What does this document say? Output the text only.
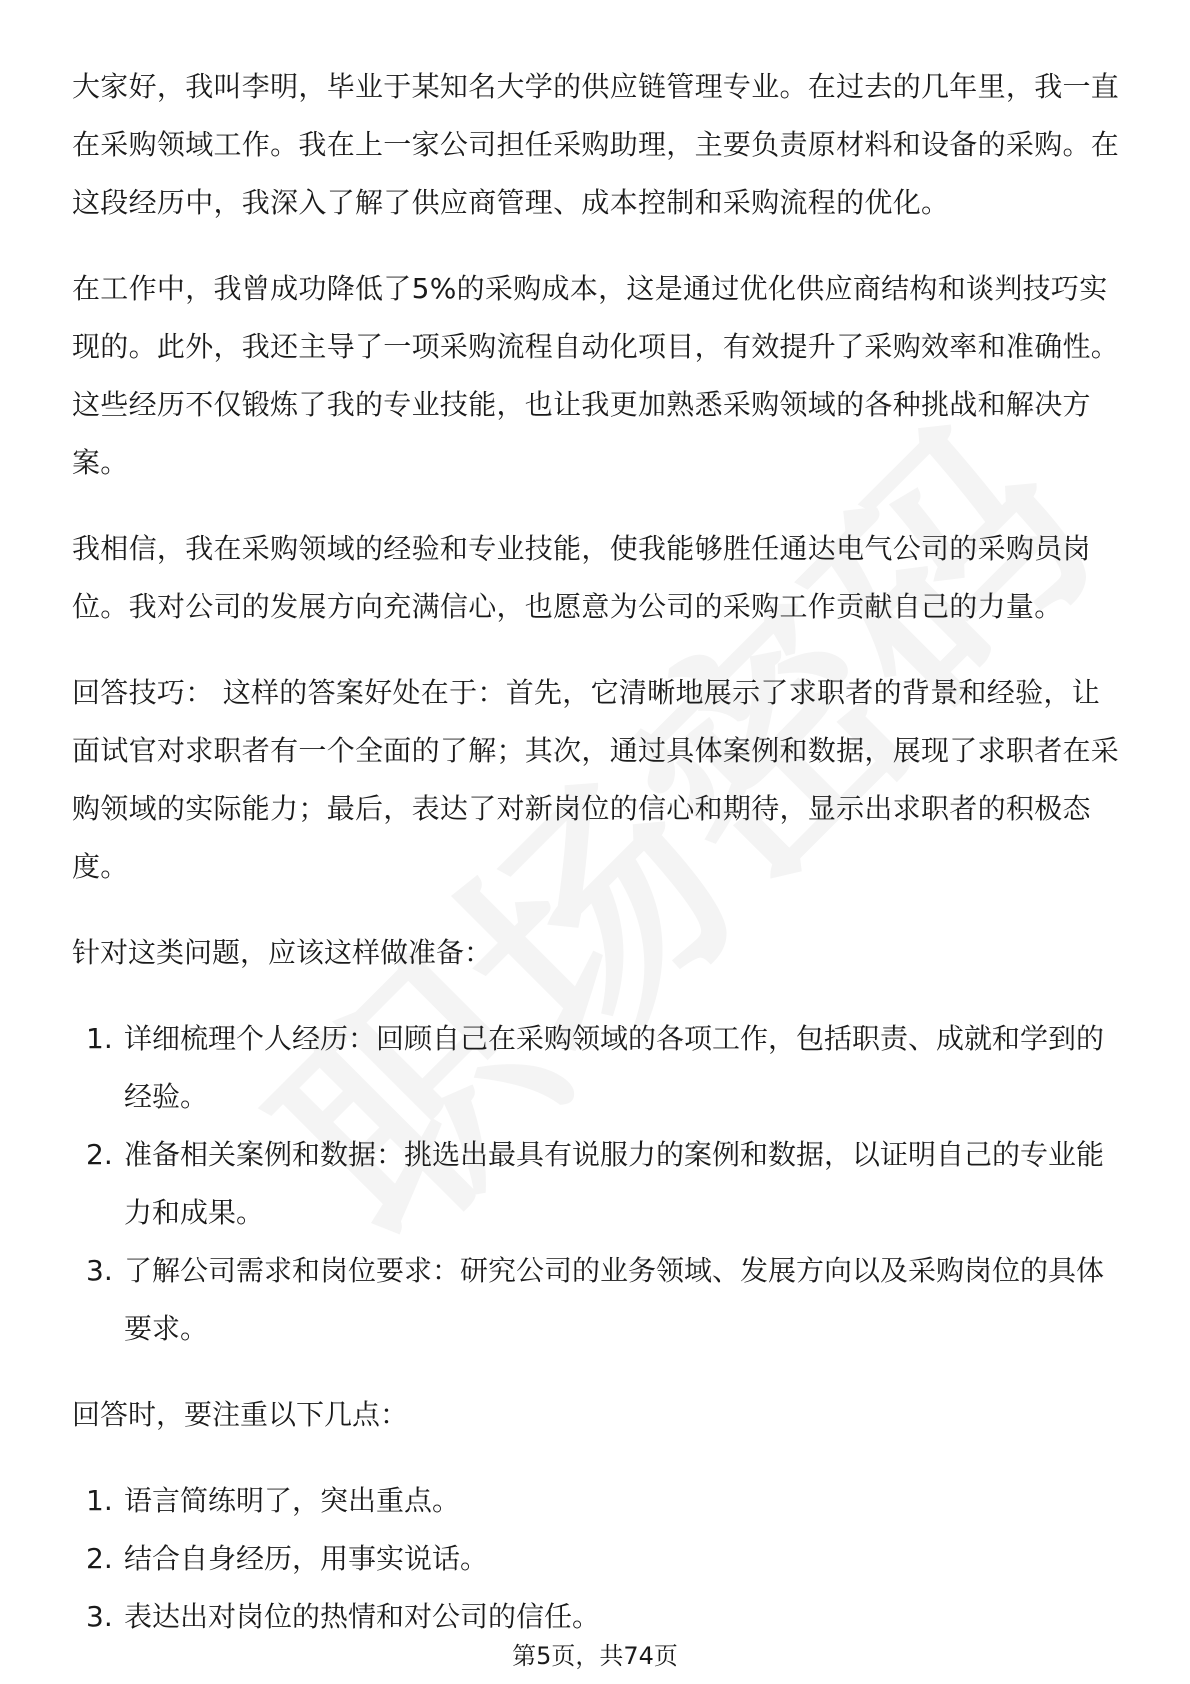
大家好，我叫李明，毕业于某知名大学的供应链管理专业。在过去的几年里，我一直在采购领域工作。我在上一家公司担任采购助理，主要负责原材料和设备的采购。在这段经历中，我深入了解了供应商管理、成本控制和采购流程的优化。

在工作中，我曾成功降低了5%的采购成本，这是通过优化供应商结构和谈判技巧实现的。此外，我还主导了一项采购流程自动化项目，有效提升了采购效率和准确性。这些经历不仅锻炼了我的专业技能，也让我更加熟悉采购领域的各种挑战和解决方案。

我相信，我在采购领域的经验和专业技能，使我能够胜任通达电气公司的采购员岗位。我对公司的发展方向充满信心，也愿意为公司的采购工作贡献自己的力量。

回答技巧： 这样的答案好处在于：首先，它清晰地展示了求职者的背景和经验，让面试官对求职者有一个全面的了解；其次，通过具体案例和数据，展现了求职者在采购领域的实际能力；最后，表达了对新岗位的信心和期待，显示出求职者的积极态度。

针对这类问题，应该这样做准备：

1. 详细梳理个人经历：回顾自己在采购领域的各项工作，包括职责、成就和学到的经验。
2. 准备相关案例和数据：挑选出最具有说服力的案例和数据，以证明自己的专业能力和成果。
3. 了解公司需求和岗位要求：研究公司的业务领域、发展方向以及采购岗位的具体要求。

回答时，要注重以下几点：

1. 语言简练明了，突出重点。
2. 结合自身经历，用事实说话。
3. 表达出对岗位的热情和对公司的信任。
第5页，共74页
